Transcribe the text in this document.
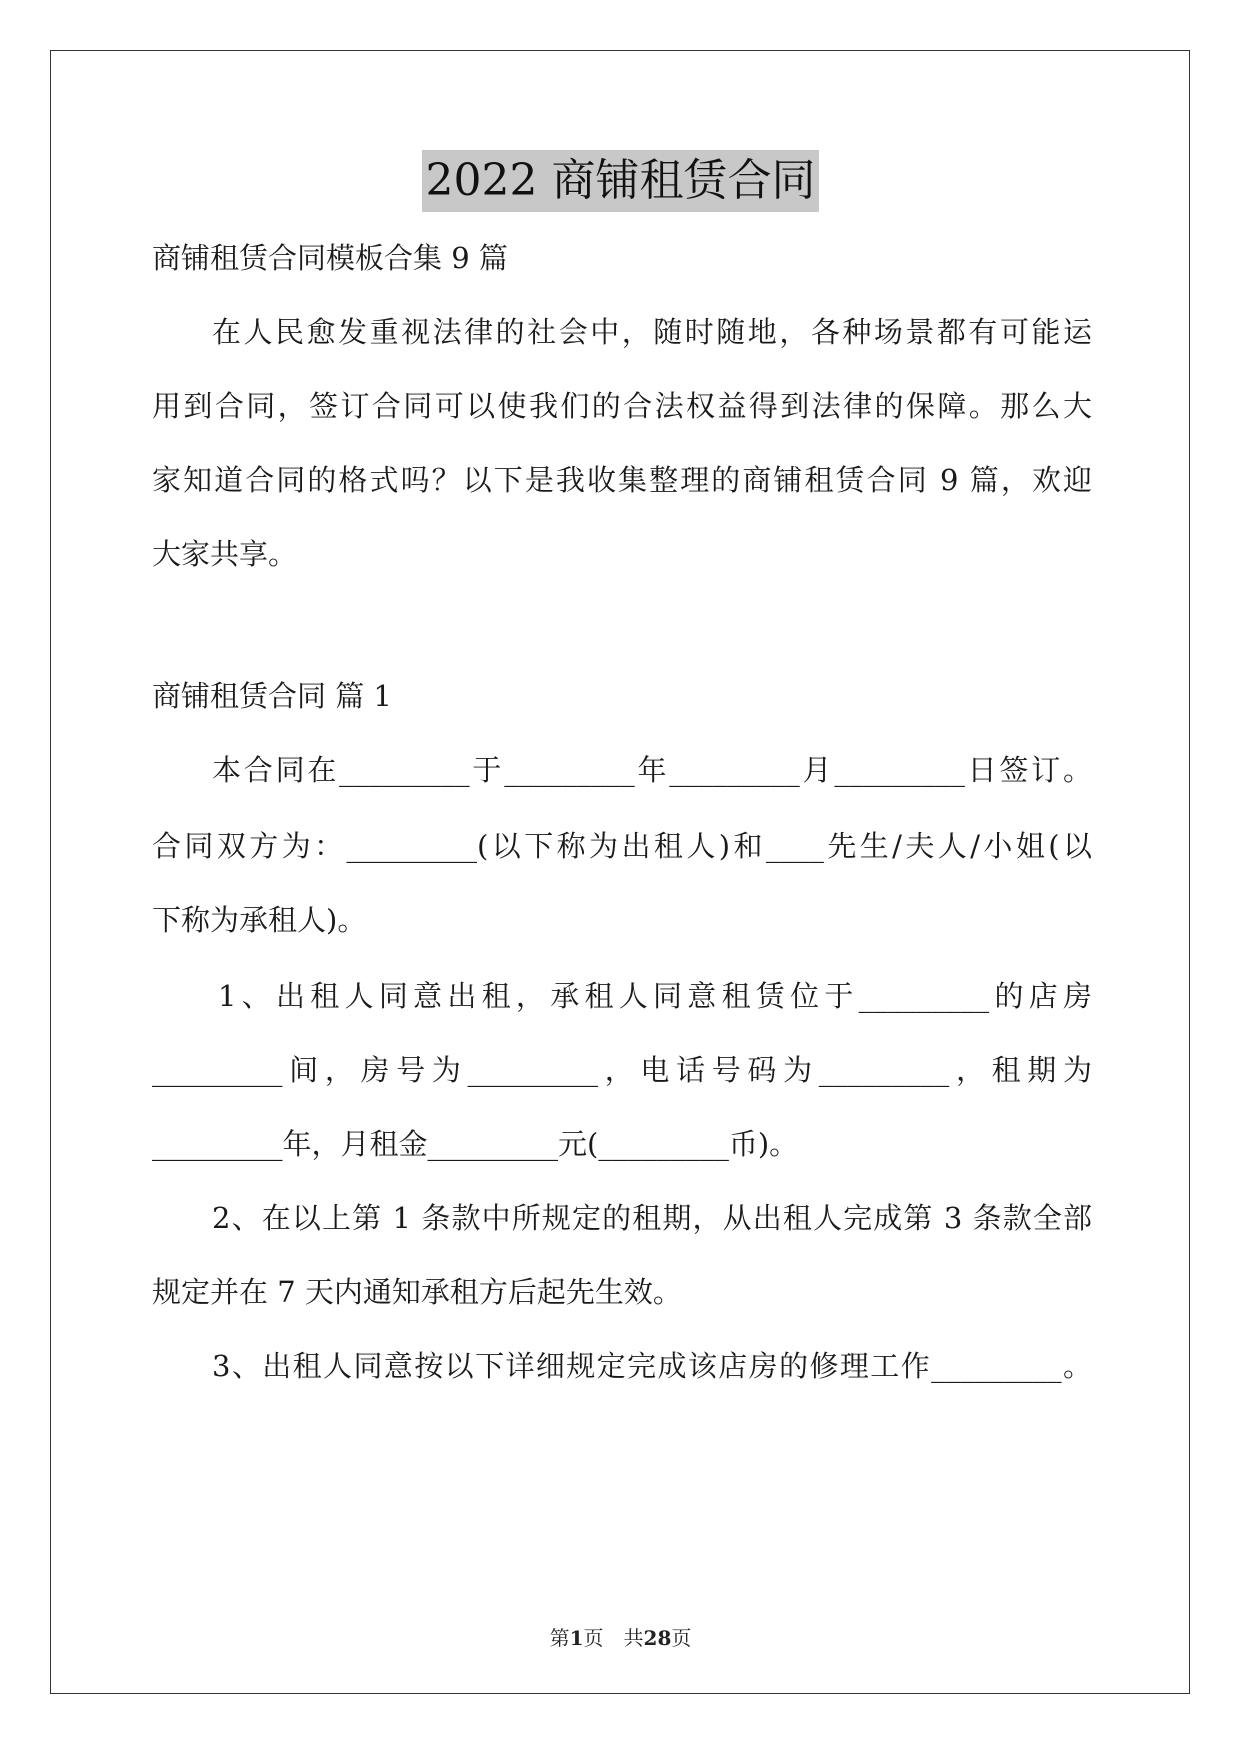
2022 商铺租赁合同
商铺租赁合同模板合集 9 篇
在人民愈发重视法律的社会中，随时随地，各种场景都有可能运
用到合同，签订合同可以使我们的合法权益得到法律的保障。那么大
家知道合同的格式吗？以下是我收集整理的商铺租赁合同 9 篇，欢迎
大家共享。
商铺租赁合同 篇 1
本合同在_________于_________年_________月_________日签订。
合同双方为：_________(以下称为出租人)和____先生/夫人/小姐(以
下称为承租人)。
1、出租人同意出租，承租人同意租赁位于_________的店房
_________间，房号为_________，电话号码为_________，租期为
_________年，月租金_________元(_________币)。
2、在以上第 1 条款中所规定的租期，从出租人完成第 3 条款全部
规定并在 7 天内通知承租方后起先生效。
3、出租人同意按以下详细规定完成该店房的修理工作_________。
第1页　共28页
